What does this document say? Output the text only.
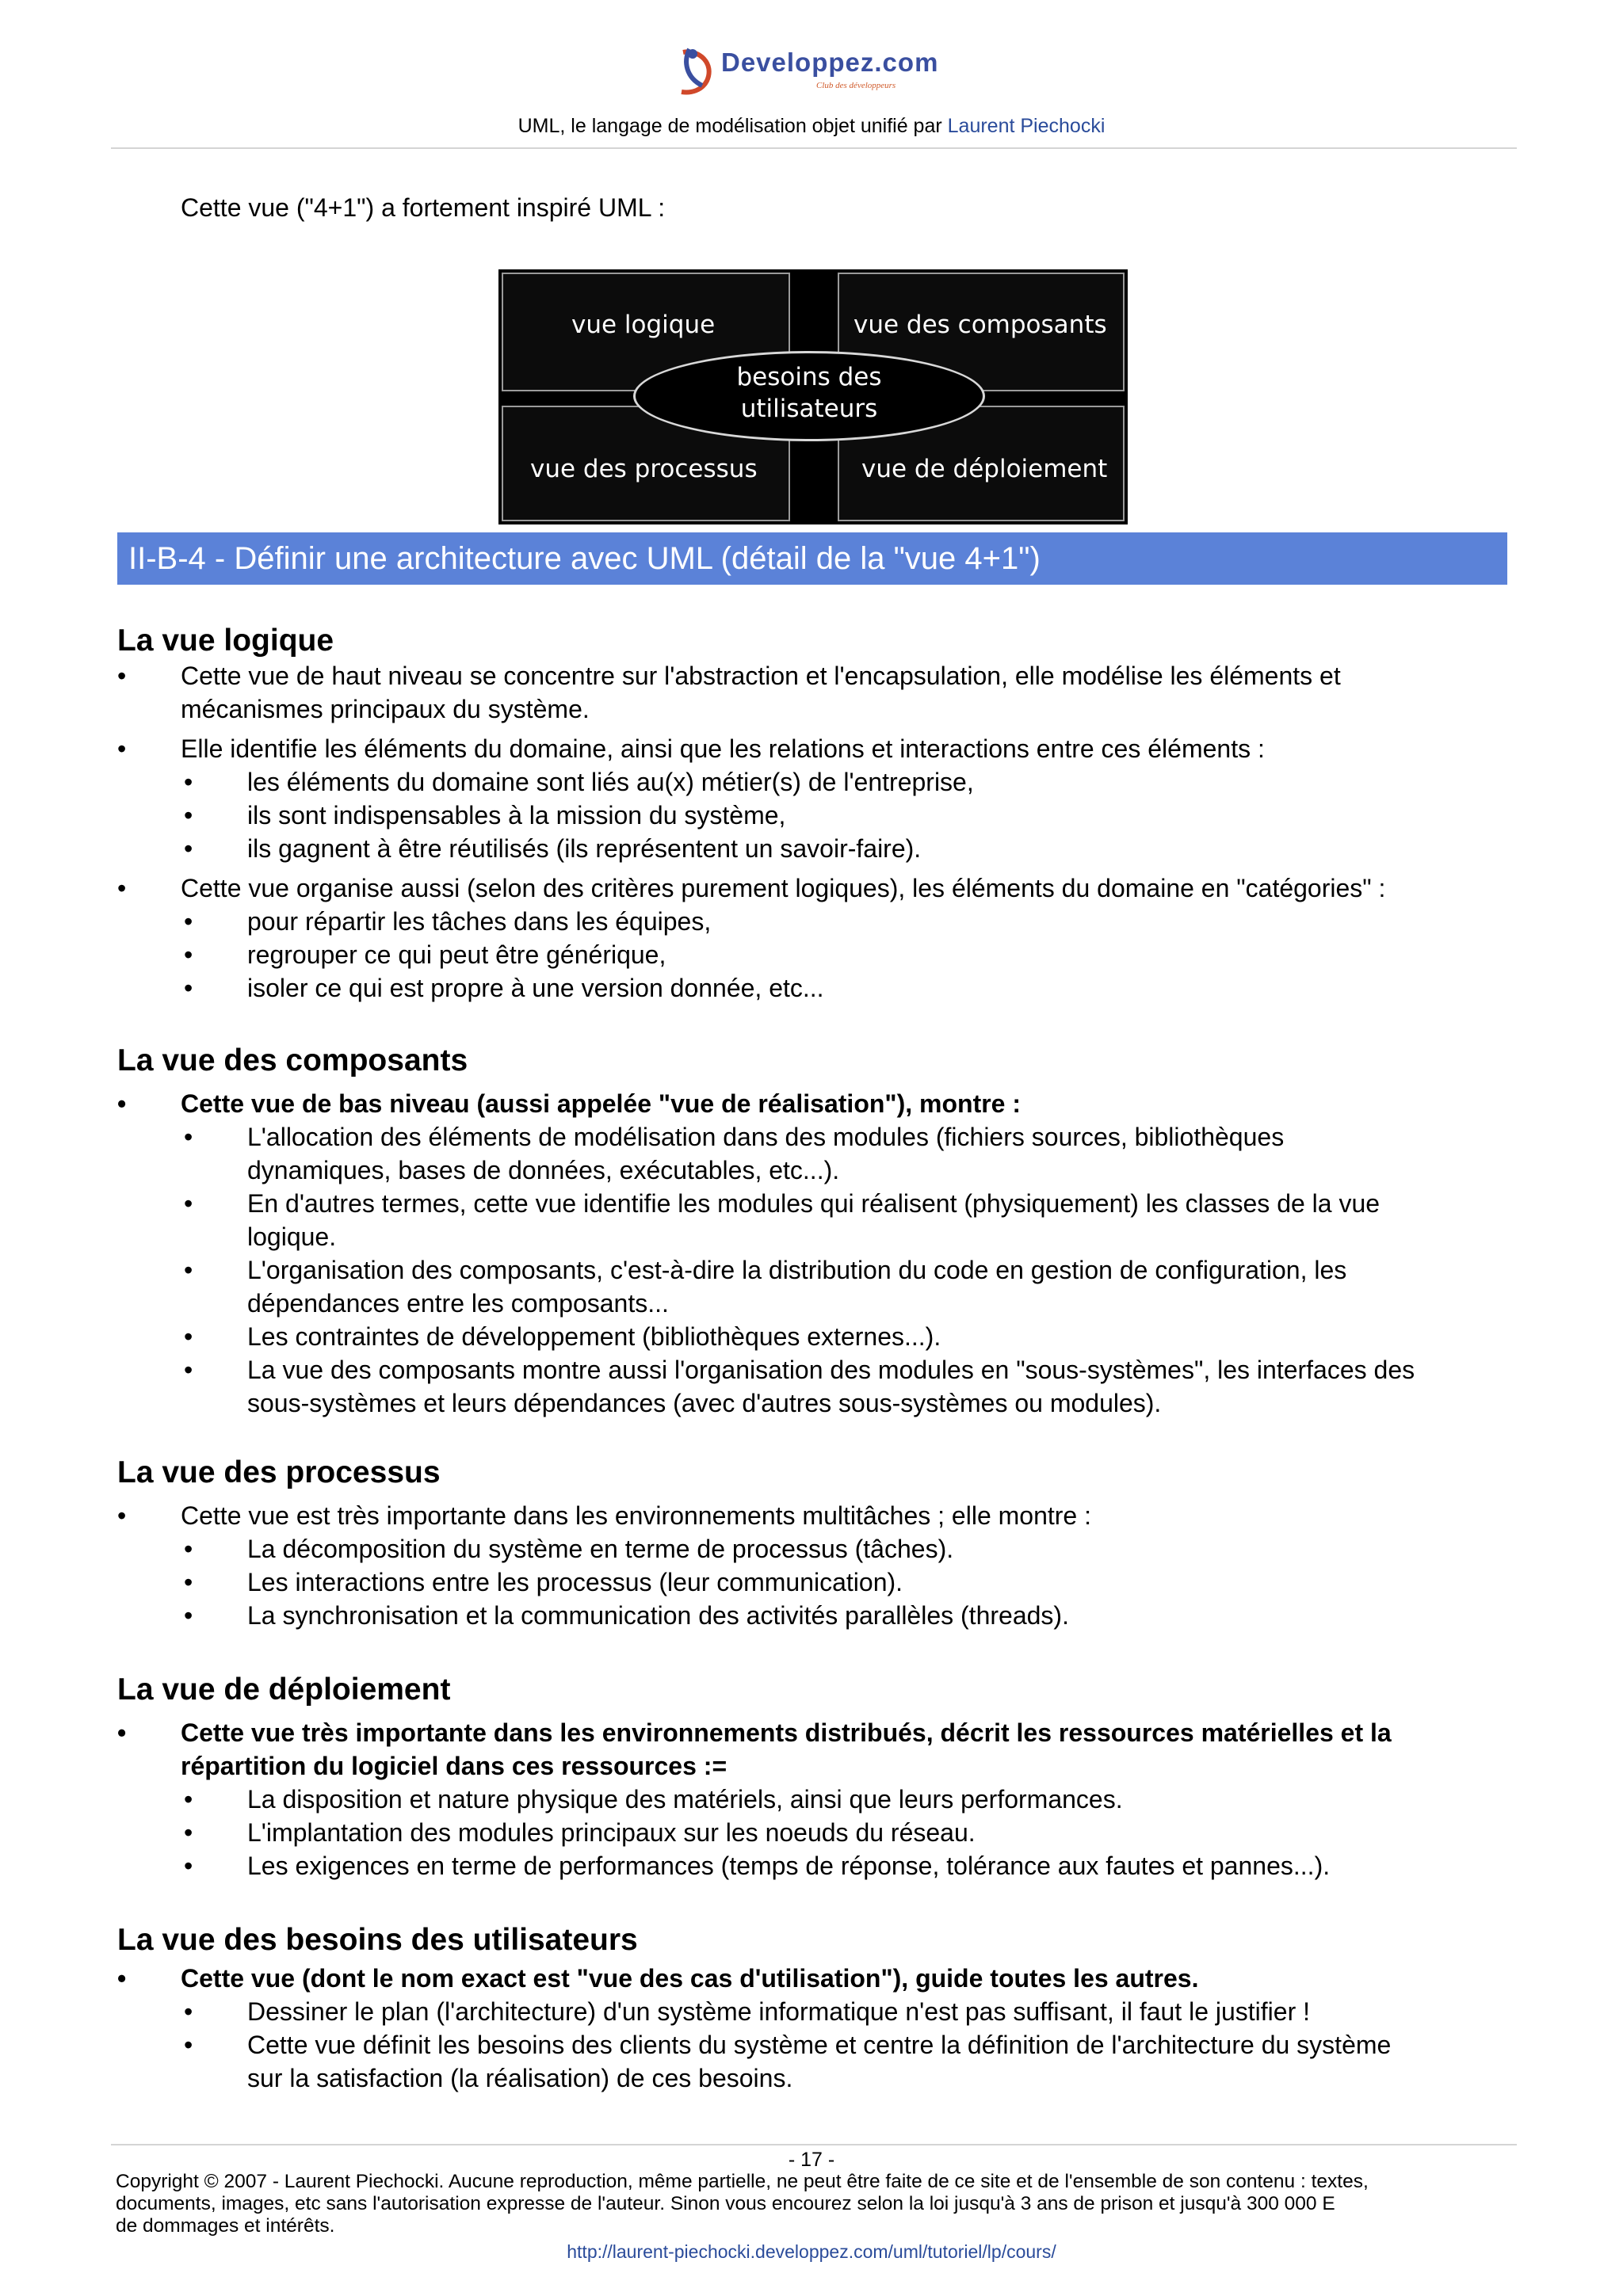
Developpez.com
Club des développeurs
UML, le langage de modélisation objet unifié par Laurent Piechocki
Cette vue ("4+1") a fortement inspiré UML :
vue logique	vue des composants
vue des processus	vue de déploiement
besoins des
utilisateurs
II-B-4 - Définir une architecture avec UML (détail de la "vue 4+1")
La vue logique

• Cette vue de haut niveau se concentre sur l'abstraction et l'encapsulation, elle modélise les éléments et
mécanismes principaux du système.

• Elle identifie les éléments du domaine, ainsi que les relations et interactions entre ces éléments :

• les éléments du domaine sont liés au(x) métier(s) de l'entreprise,

• ils sont indispensables à la mission du système,

• ils gagnent à être réutilisés (ils représentent un savoir-faire).

• Cette vue organise aussi (selon des critères purement logiques), les éléments du domaine en "catégories" :

• pour répartir les tâches dans les équipes,

• regrouper ce qui peut être générique,

• isoler ce qui est propre à une version donnée, etc...

La vue des composants

• Cette vue de bas niveau (aussi appelée "vue de réalisation"), montre :

• L'allocation des éléments de modélisation dans des modules (fichiers sources, bibliothèques
dynamiques, bases de données, exécutables, etc...).

• En d'autres termes, cette vue identifie les modules qui réalisent (physiquement) les classes de la vue
logique.

• L'organisation des composants, c'est-à-dire la distribution du code en gestion de configuration, les
dépendances entre les composants...

• Les contraintes de développement (bibliothèques externes...).

• La vue des composants montre aussi l'organisation des modules en "sous-systèmes", les interfaces des
sous-systèmes et leurs dépendances (avec d'autres sous-systèmes ou modules).

La vue des processus

• Cette vue est très importante dans les environnements multitâches ; elle montre :

• La décomposition du système en terme de processus (tâches).

• Les interactions entre les processus (leur communication).

• La synchronisation et la communication des activités parallèles (threads).

La vue de déploiement

• Cette vue très importante dans les environnements distribués, décrit les ressources matérielles et la
répartition du logiciel dans ces ressources :=

• La disposition et nature physique des matériels, ainsi que leurs performances.

• L'implantation des modules principaux sur les noeuds du réseau.

• Les exigences en terme de performances (temps de réponse, tolérance aux fautes et pannes...).

La vue des besoins des utilisateurs

• Cette vue (dont le nom exact est "vue des cas d'utilisation"), guide toutes les autres.

• Dessiner le plan (l'architecture) d'un système informatique n'est pas suffisant, il faut le justifier !

• Cette vue définit les besoins des clients du système et centre la définition de l'architecture du système
sur la satisfaction (la réalisation) de ces besoins.

- 17 -
Copyright © 2007 - Laurent Piechocki. Aucune reproduction, même partielle, ne peut être faite de ce site et de l'ensemble de son contenu : textes,
documents, images, etc sans l'autorisation expresse de l'auteur. Sinon vous encourez selon la loi jusqu'à 3 ans de prison et jusqu'à 300 000 E
de dommages et intérêts.
http://laurent-piechocki.developpez.com/uml/tutoriel/lp/cours/
